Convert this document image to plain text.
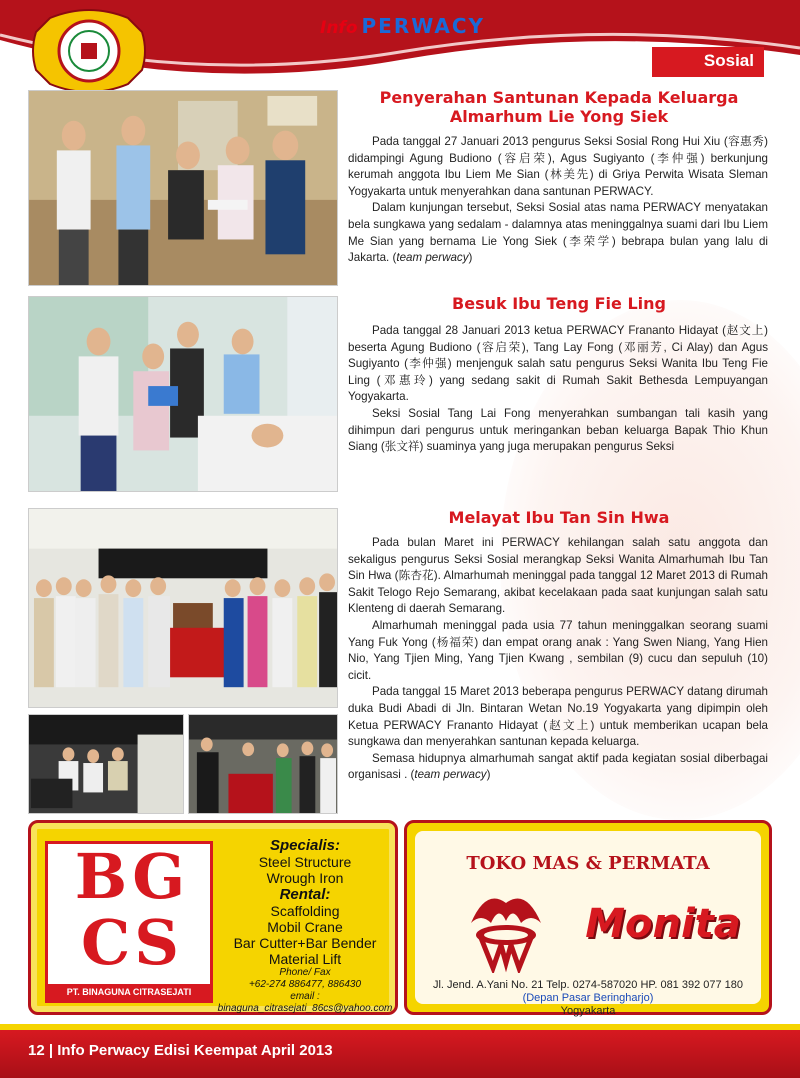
Info PERWACY
Sosial
Penyerahan Santunan Kepada Keluarga Almarhum Lie Yong Siek

Pada tanggal 27 Januari 2013 pengurus Seksi Sosial Rong Hui Xiu (容惠秀) didampingi Agung Budiono (容启荣), Agus Sugiyanto (李仲强) berkunjung kerumah anggota Ibu Liem Me Sian (林美先) di Griya Perwita Wisata Sleman Yogyakarta untuk menyerahkan dana santunan PERWACY.

Dalam kunjungan tersebut, Seksi Sosial atas nama PERWACY menyatakan bela sungkawa yang sedalam - dalamnya atas meninggalnya suami dari Ibu Liem Me Sian yang bernama Lie Yong Siek (李荣学) bebrapa bulan yang lalu di Jakarta. (team perwacy)

Besuk Ibu Teng Fie Ling

Pada tanggal 28 Januari 2013 ketua PERWACY Frananto Hidayat (赵文上) beserta Agung Budiono (容启荣), Tang Lay Fong (邓丽芳, Ci Alay) dan Agus Sugiyanto (李仲强) menjenguk salah satu pengurus Seksi Wanita Ibu Teng Fie Ling (邓惠玲) yang sedang sakit di Rumah Sakit Bethesda Lempuyangan Yogyakarta.

Seksi Sosial Tang Lai Fong menyerahkan sumbangan tali kasih yang dihimpun dari pengurus untuk meringankan beban keluarga Bapak Thio Khun Siang (张文祥) suaminya yang juga merupakan pengurus Seksi

Melayat Ibu Tan Sin Hwa

Pada bulan Maret ini PERWACY kehilangan salah satu anggota dan sekaligus pengurus Seksi Sosial merangkap Seksi Wanita Almarhumah Ibu Tan Sin Hwa (陈杏花). Almarhumah meninggal pada tanggal 12 Maret 2013 di Rumah Sakit Telogo Rejo Semarang, akibat kecelakaan pada saat kunjungan salah satu Klenteng di daerah Semarang.

Almarhumah meninggal pada usia 77 tahun meninggalkan seorang suami Yang Fuk Yong (杨福荣) dan empat orang anak : Yang Swen Niang, Yang Hien Nio, Yang Tjien Ming, Yang Tjien Kwang , sembilan (9) cucu dan sepuluh (10) cicit.

Pada tanggal 15 Maret 2013 beberapa pengurus PERWACY datang dirumah duka Budi Abadi di Jln. Bintaran Wetan No.19 Yogyakarta yang dipimpin oleh Ketua PERWACY Frananto Hidayat (赵文上) untuk memberikan ucapan bela sungkawa dan menyerahkan santunan kepada keluarga.

Semasa hidupnya almarhumah sangat aktif pada kegiatan sosial diberbagai organisasi . (team perwacy)

BG
CS
PT. BINAGUNA CITRASEJATI
Specialis:
Steel Structure
Wrough Iron
Rental:
Scaffolding
Mobil Crane
Bar Cutter+Bar Bender
Material Lift
Phone/ Fax
+62-274 886477, 886430
email :
binaguna_citrasejati_86cs@yahoo.com
TOKO MAS & PERMATA
Monita
Jl. Jend. A.Yani No. 21 Telp. 0274-587020 HP. 081 392 077 180
(Depan Pasar Beringharjo)
Yogyakarta
12 | Info Perwacy Edisi Keempat April 2013
